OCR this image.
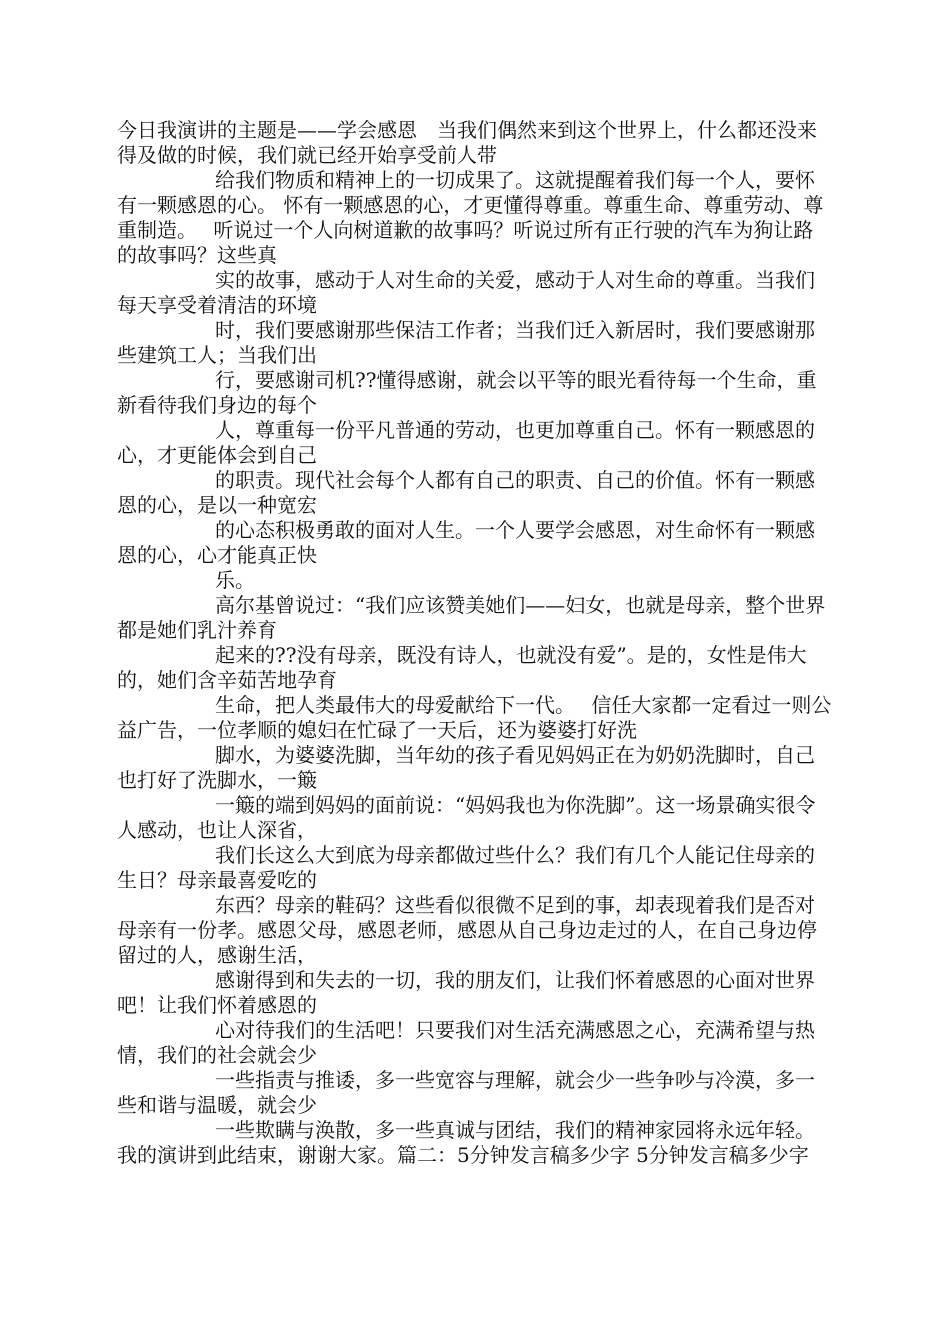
今日我演讲的主题是——学会感恩　当我们偶然来到这个世界上，什么都还没来得及做的时候，我们就已经开始享受前人带

给我们物质和精神上的一切成果了。这就提醒着我们每一个人，要怀有一颗感恩的心。 怀有一颗感恩的心，才更懂得尊重。尊重生命、尊重劳动、尊重制造。　 听说过一个人向树道歉的故事吗？听说过所有正行驶的汽车为狗让路的故事吗？这些真

实的故事，感动于人对生命的关爱，感动于人对生命的尊重。当我们每天享受着清洁的环境

时，我们要感谢那些保洁工作者；当我们迁入新居时，我们要感谢那些建筑工人；当我们出

行，要感谢司机??懂得感谢，就会以平等的眼光看待每一个生命，重新看待我们身边的每个

人，尊重每一份平凡普通的劳动，也更加尊重自己。怀有一颗感恩的心，才更能体会到自己

的职责。现代社会每个人都有自己的职责、自己的价值。怀有一颗感恩的心，是以一种宽宏

的心态积极勇敢的面对人生。一个人要学会感恩，对生命怀有一颗感恩的心，心才能真正快

乐。

高尔基曾说过：“我们应该赞美她们——妇女，也就是母亲，整个世界都是她们乳汁养育

起来的??没有母亲，既没有诗人，也就没有爱”。是的，女性是伟大的，她们含辛茹苦地孕育

生命，把人类最伟大的母爱献给下一代。　 信任大家都一定看过一则公益广告，一位孝顺的媳妇在忙碌了一天后，还为婆婆打好洗

脚水，为婆婆洗脚，当年幼的孩子看见妈妈正在为奶奶洗脚时，自己也打好了洗脚水，一簸

一簸的端到妈妈的面前说：“妈妈我也为你洗脚”。这一场景确实很令人感动，也让人深省，

我们长这么大到底为母亲都做过些什么？我们有几个人能记住母亲的生日？母亲最喜爱吃的

东西？母亲的鞋码？这些看似很微不足到的事，却表现着我们是否对母亲有一份孝。感恩父母，感恩老师，感恩从自己身边走过的人，在自己身边停留过的人，感谢生活，

感谢得到和失去的一切，我的朋友们，让我们怀着感恩的心面对世界吧！让我们怀着感恩的

心对待我们的生活吧！只要我们对生活充满感恩之心，充满希望与热情，我们的社会就会少

一些指责与推诿，多一些宽容与理解，就会少一些争吵与冷漠，多一些和谐与温暖，就会少

一些欺瞒与涣散，多一些真诚与团结，我们的精神家园将永远年轻。　 我的演讲到此结束，谢谢大家。篇二：5分钟发言稿多少字 5分钟发言稿多少字
